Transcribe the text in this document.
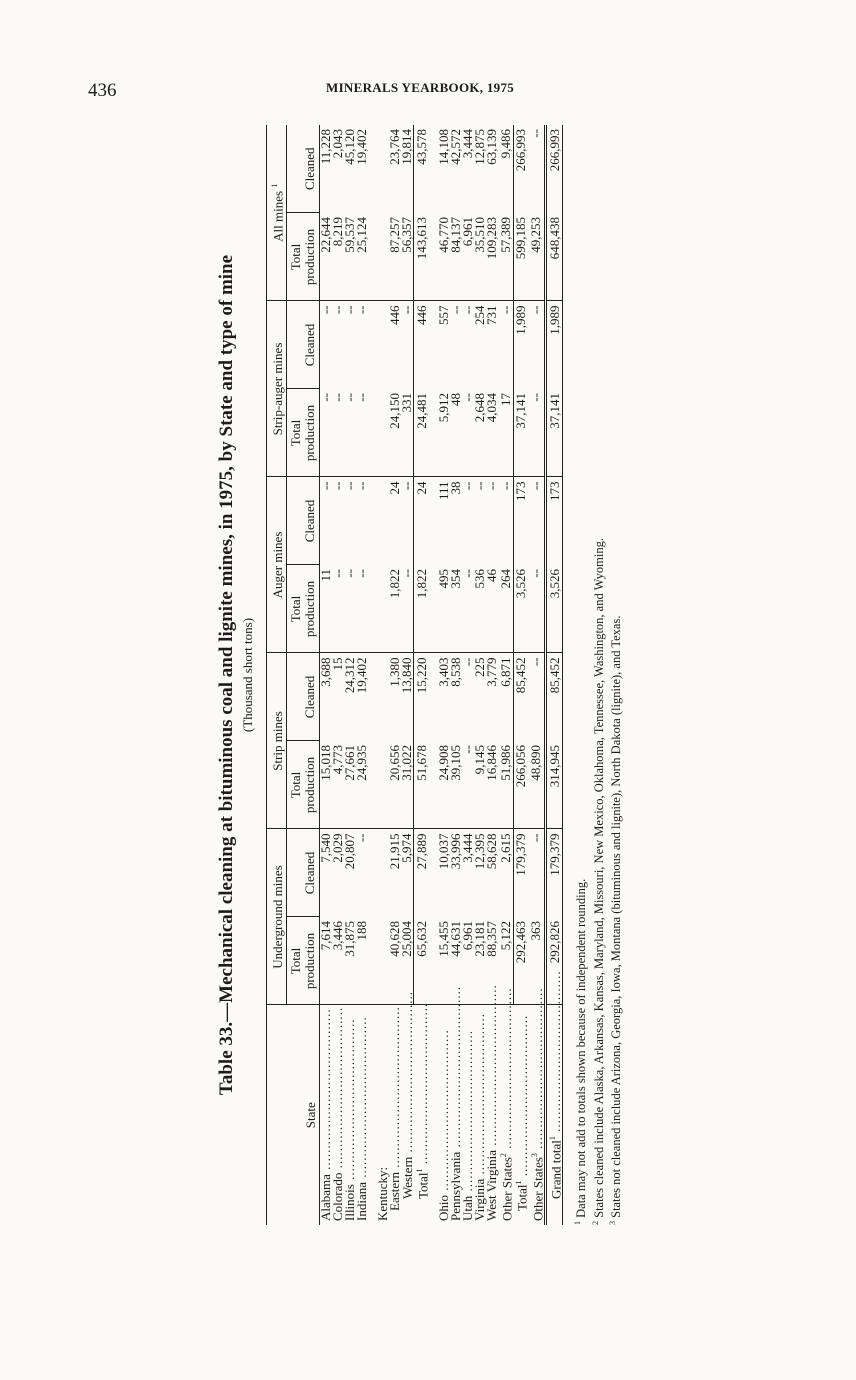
436	MINERALS YEARBOOK, 1975

Table 33.—Mechanical cleaning at bituminous coal and lignite mines, in 1975, by State and type of mine (Thousand short tons)

State	Underground mines		Strip mines		Auger mines		Strip-auger mines		All mines $^1$
	Total production	Cleaned	Total production	Cleaned	Total production	Cleaned	Total production	Cleaned	Total production	Cleaned
Alabama .....	7,614	7,540	15,018	3,688	11	--	--	--	22,644	11,228
Colorado .....	3,446	2,029	4,773	15	--	--	--	--	8,219	2,043
Illinois .....	31,875	20,807	27,661	24,312	--	--	--	--	59,537	45,120
Indiana .....	188	--	24,935	19,402	--	--	--	--	25,124	19,402

Kentucky:										
Eastern .....	40,628	21,915	20,656	1,380	1,822	24	24,150	446	87,257	23,764
Western .....	25,004	5,974	31,022	13,840	--	--	331	--	56,357	19,814
Total$^1$ .....	65,632	27,889	51,678	15,220	1,822	24	24,481	446	143,613	43,578

Ohio .....	15,455	10,037	24,908	3,403	495	111	5,912	557	46,770	14,108
Pennsylvania .....	44,631	33,996	39,105	8,538	354	38	48	--	84,137	42,572
Utah .....	6,961	3,444	--	--	--	--	--	--	6,961	3,444
Virginia .....	23,181	12,395	9,145	225	536	--	2,648	254	35,510	12,875
West Virginia .....	88,357	58,628	16,846	3,779	46	--	4,034	731	109,283	63,139
Other States$^2$ .....	5,122	2,615	51,986	6,871	264	--	17	--	57,389	9,486
Total$^1$ .....	292,463	179,379	266,056	85,452	3,526	173	37,141	1,989	599,185	266,993
Other States$^3$ .....	363	--	48,890	--	--	--	--	--	49,253	--
Grand total$^1$ .....	292,826	179,379	314,945	85,452	3,526	173	37,141	1,989	648,438	266,993

$^1$ Data may not add to totals shown because of independent rounding.

$^2$ States cleaned include Alaska, Arkansas, Kansas, Maryland, Missouri, New Mexico, Oklahoma, Tennessee, Washington, and Wyoming.

$^3$ States not cleaned include Arizona, Georgia, Iowa, Montana (bituminous and lignite), North Dakota (lignite), and Texas.
